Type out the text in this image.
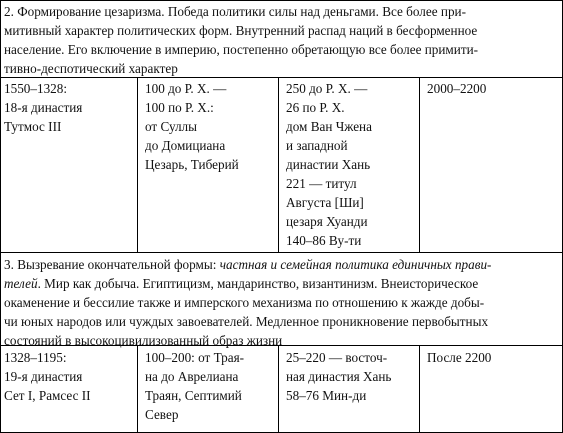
2. Формирование цезаризма. Победа политики силы над деньгами. Все более при-
митивный характер политических форм. Внутренний распад наций в бесформенное
население. Его включение в империю, постепенно обретающую все более примити-
тивно-деспотический характер
1550–1328:
18-я династия
Тутмос III
100 до Р. Х. —
100 по Р. Х.:
от Суллы
до Домициана
Цезарь, Тиберий
250 до Р. Х. —
26 по Р. Х.
дом Ван Чжена
и западной
династии Хань
221 — титул
Августа [Ши]
цезаря Хуанди
140–86 Ву-ти
2000–2200
3. Вызревание окончательной формы: частная и семейная политика единичных прави-
телей. Мир как добыча. Египтицизм, мандаринство, византинизм. Внеисторическое
окаменение и бессилие также и имперского механизма по отношению к жажде добы-
чи юных народов или чуждых завоевателей. Медленное проникновение первобытных
состояний в высокоцивилизованный образ жизни
1328–1195:
19-я династия
Сет I, Рамсес II
100–200: от Трая-
на до Аврелиана
Траян, Септимий
Север
25–220 — восточ-
ная династия Хань
58–76 Мин-ди
После 2200
